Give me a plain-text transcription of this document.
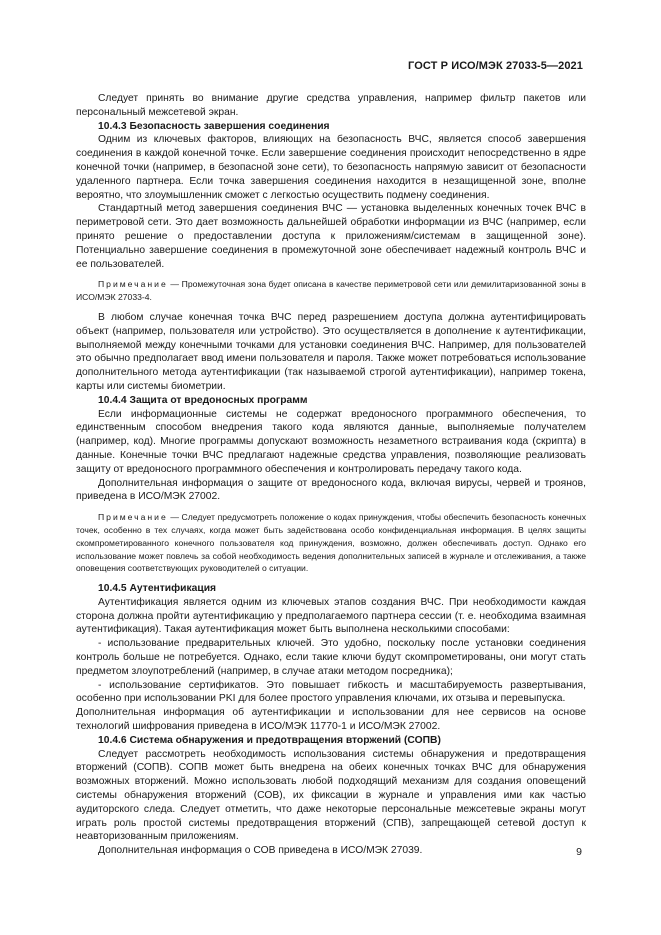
ГОСТ Р ИСО/МЭК 27033-5—2021

Следует принять во внимание другие средства управления, например фильтр пакетов или персональный межсетевой экран.

10.4.3 Безопасность завершения соединения

Одним из ключевых факторов, влияющих на безопасность ВЧС, является способ завершения соединения в каждой конечной точке. Если завершение соединения происходит непосредственно в ядре конечной точки (например, в безопасной зоне сети), то безопасность напрямую зависит от безопасности удаленного партнера. Если точка завершения соединения находится в незащищенной зоне, вполне вероятно, что злоумышленник сможет с легкостью осуществить подмену соединения.

Стандартный метод завершения соединения ВЧС — установка выделенных конечных точек ВЧС в периметровой сети. Это дает возможность дальнейшей обработки информации из ВЧС (например, если принято решение о предоставлении доступа к приложениям/системам в защищенной зоне). Потенциально завершение соединения в промежуточной зоне обеспечивает надежный контроль ВЧС и ее пользователей.

Примечание — Промежуточная зона будет описана в качестве периметровой сети или демилитаризованной зоны в ИСО/МЭК 27033-4.

В любом случае конечная точка ВЧС перед разрешением доступа должна аутентифицировать объект (например, пользователя или устройство). Это осуществляется в дополнение к аутентификации, выполняемой между конечными точками для установки соединения ВЧС. Например, для пользователей это обычно предполагает ввод имени пользователя и пароля. Также может потребоваться использование дополнительного метода аутентификации (так называемой строгой аутентификации), например токена, карты или системы биометрии.

10.4.4 Защита от вредоносных программ

Если информационные системы не содержат вредоносного программного обеспечения, то единственным способом внедрения такого кода являются данные, выполняемые получателем (например, код). Многие программы допускают возможность незаметного встраивания кода (скрипта) в данные. Конечные точки ВЧС предлагают надежные средства управления, позволяющие реализовать защиту от вредоносного программного обеспечения и контролировать передачу такого кода.

Дополнительная информация о защите от вредоносного кода, включая вирусы, червей и троянов, приведена в ИСО/МЭК 27002.

Примечание — Следует предусмотреть положение о кодах принуждения, чтобы обеспечить безопасность конечных точек, особенно в тех случаях, когда может быть задействована особо конфиденциальная информация. В целях защиты скомпрометированного конечного пользователя код принуждения, возможно, должен обеспечивать доступ. Однако его использование может повлечь за собой необходимость ведения дополнительных записей в журнале и отслеживания, а также оповещения соответствующих руководителей о ситуации.

10.4.5 Аутентификация

Аутентификация является одним из ключевых этапов создания ВЧС. При необходимости каждая сторона должна пройти аутентификацию у предполагаемого партнера сессии (т. е. необходима взаимная аутентификация). Такая аутентификация может быть выполнена несколькими способами:

- использование предварительных ключей. Это удобно, поскольку после установки соединения контроль больше не потребуется. Однако, если такие ключи будут скомпрометированы, они могут стать предметом злоупотреблений (например, в случае атаки методом посредника);

- использование сертификатов. Это повышает гибкость и масштабируемость развертывания, особенно при использовании PKI для более простого управления ключами, их отзыва и перевыпуска.

Дополнительная информация об аутентификации и использовании для нее сервисов на основе технологий шифрования приведена в ИСО/МЭК 11770-1 и ИСО/МЭК 27002.

10.4.6 Система обнаружения и предотвращения вторжений (СОПВ)

Следует рассмотреть необходимость использования системы обнаружения и предотвращения вторжений (СОПВ). СОПВ может быть внедрена на обеих конечных точках ВЧС для обнаружения возможных вторжений. Можно использовать любой подходящий механизм для создания оповещений системы обнаружения вторжений (СОВ), их фиксации в журнале и управления ими как частью аудиторского следа. Следует отметить, что даже некоторые персональные межсетевые экраны могут играть роль простой системы предотвращения вторжений (СПВ), запрещающей сетевой доступ к неавторизованным приложениям.

Дополнительная информация о СОВ приведена в ИСО/МЭК 27039.	9
